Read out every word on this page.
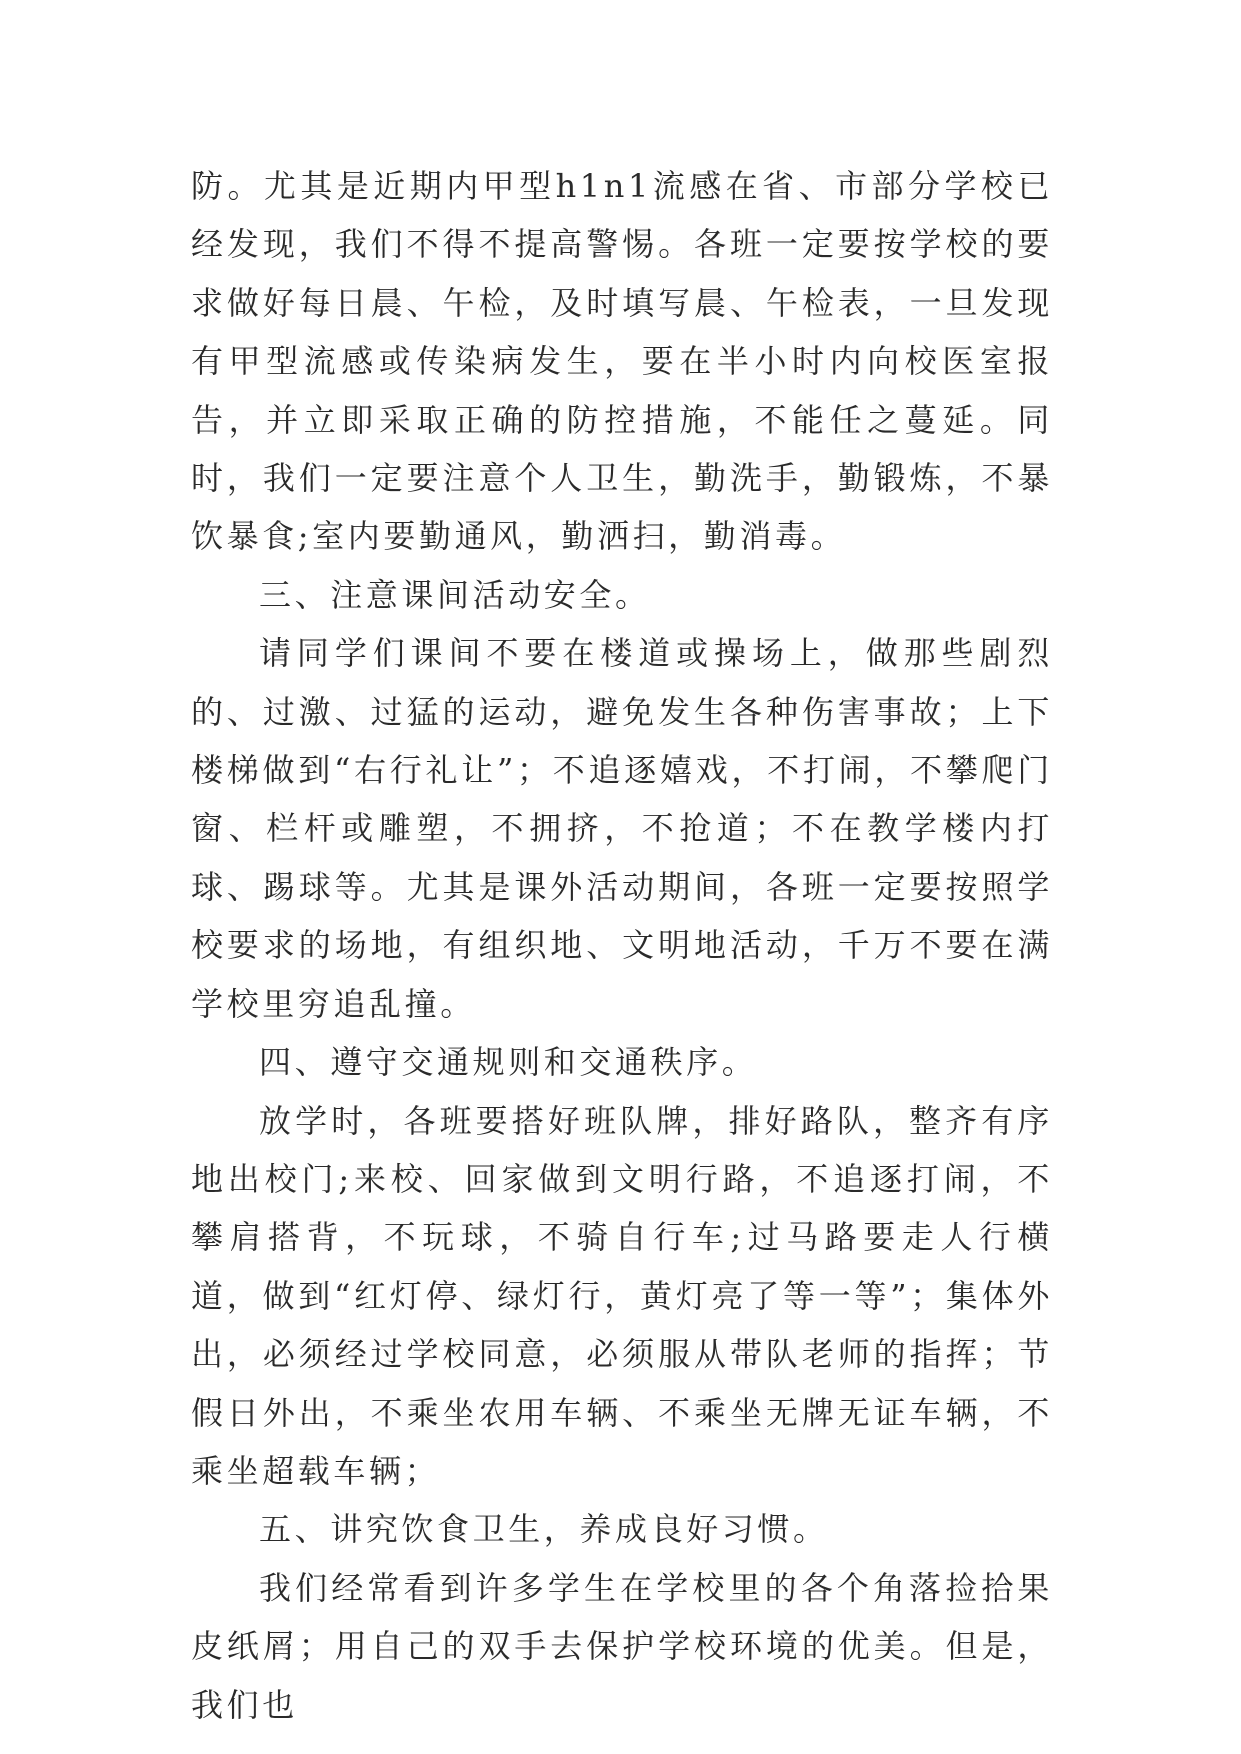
防。尤其是近期内甲型h1n1流感在省、市部分学校已经发现，我们不得不提高警惕。各班一定要按学校的要求做好每日晨、午检，及时填写晨、午检表，一旦发现有甲型流感或传染病发生，要在半小时内向校医室报告，并立即采取正确的防控措施，不能任之蔓延。同时，我们一定要注意个人卫生，勤洗手，勤锻炼，不暴饮暴食;室内要勤通风，勤洒扫，勤消毒。

三、注意课间活动安全。

请同学们课间不要在楼道或操场上，做那些剧烈的、过激、过猛的运动，避免发生各种伤害事故；上下楼梯做到“右行礼让”；不追逐嬉戏，不打闹，不攀爬门窗、栏杆或雕塑，不拥挤，不抢道；不在教学楼内打球、踢球等。尤其是课外活动期间，各班一定要按照学校要求的场地，有组织地、文明地活动，千万不要在满学校里穷追乱撞。

四、遵守交通规则和交通秩序。

放学时，各班要搭好班队牌，排好路队，整齐有序地出校门;来校、回家做到文明行路，不追逐打闹，不攀肩搭背，不玩球，不骑自行车;过马路要走人行横道，做到“红灯停、绿灯行，黄灯亮了等一等”；集体外出，必须经过学校同意，必须服从带队老师的指挥；节假日外出，不乘坐农用车辆、不乘坐无牌无证车辆，不乘坐超载车辆；

五、讲究饮食卫生，养成良好习惯。

我们经常看到许多学生在学校里的各个角落捡拾果皮纸屑；用自己的双手去保护学校环境的优美。但是，我们也
